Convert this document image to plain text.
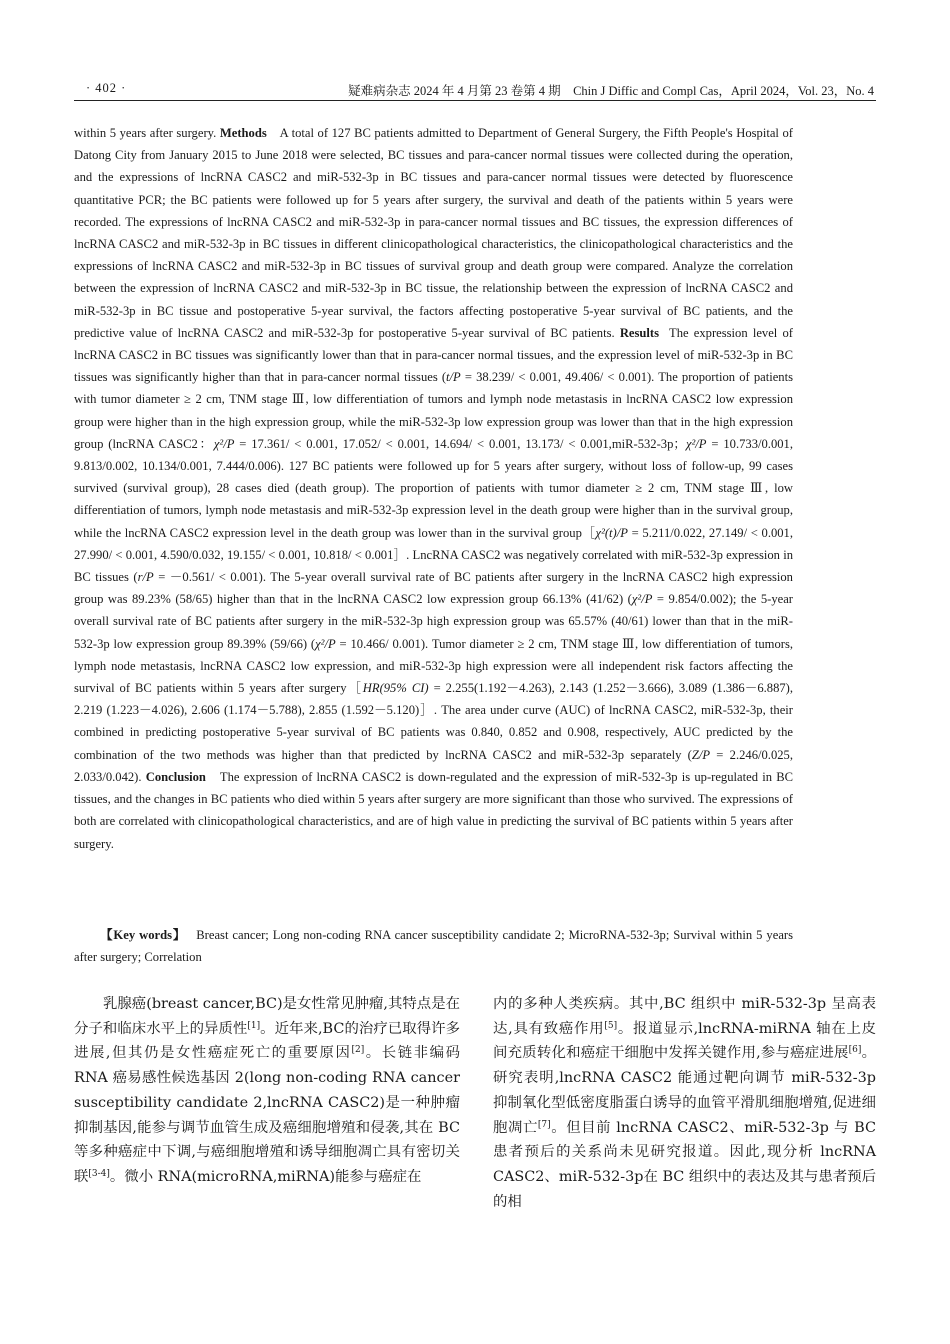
· 402 ·	疑难病杂志 2024 年 4 月第 23 卷第 4 期　Chin J Diffic and Compl Cas，April 2024，Vol. 23，No. 4
within 5 years after surgery. Methods A total of 127 BC patients admitted to Department of General Surgery, the Fifth People's Hospital of Datong City from January 2015 to June 2018 were selected, BC tissues and para-cancer normal tissues were collected during the operation, and the expressions of lncRNA CASC2 and miR-532-3p in BC tissues and para-cancer normal tissues were detected by fluorescence quantitative PCR; the BC patients were followed up for 5 years after surgery, the survival and death of the patients within 5 years were recorded. The expressions of lncRNA CASC2 and miR-532-3p in para-cancer normal tissues and BC tissues, the expression differences of lncRNA CASC2 and miR-532-3p in BC tissues in different clinicopathological characteristics, the clinicopathological characteristics and the expressions of lncRNA CASC2 and miR-532-3p in BC tissues of survival group and death group were compared. Analyze the correlation between the expression of lncRNA CASC2 and miR-532-3p in BC tissue, the relationship between the expression of lncRNA CASC2 and miR-532-3p in BC tissue and postoperative 5-year survival, the factors affecting postoperative 5-year survival of BC patients, and the predictive value of lncRNA CASC2 and miR-532-3p for postoperative 5-year survival of BC patients. Results The expression level of lncRNA CASC2 in BC tissues was significantly lower than that in para-cancer normal tissues, and the expression level of miR-532-3p in BC tissues was significantly higher than that in para-cancer normal tissues (t/P = 38.239/ < 0.001, 49.406/ < 0.001). The proportion of patients with tumor diameter ≥ 2 cm, TNM stage Ⅲ, low differentiation of tumors and lymph node metastasis in lncRNA CASC2 low expression group were higher than in the high expression group, while the miR-532-3p low expression group was lower than that in the high expression group (lncRNA CASC2：χ²/P = 17.361/ < 0.001, 17.052/ < 0.001, 14.694/ < 0.001, 13.173/ < 0.001,miR-532-3p；χ²/P = 10.733/0.001, 9.813/0.002, 10.134/0.001, 7.444/0.006). 127 BC patients were followed up for 5 years after surgery, without loss of follow-up, 99 cases survived (survival group), 28 cases died (death group). The proportion of patients with tumor diameter ≥ 2 cm, TNM stage Ⅲ, low differentiation of tumors, lymph node metastasis and miR-532-3p expression level in the death group were higher than in the survival group, while the lncRNA CASC2 expression level in the death group was lower than in the survival group［χ²(t)/P = 5.211/0.022, 27.149/ < 0.001, 27.990/ < 0.001, 4.590/0.032, 19.155/ < 0.001, 10.818/ < 0.001］. LncRNA CASC2 was negatively correlated with miR-532-3p expression in BC tissues (r/P = －0.561/ < 0.001). The 5-year overall survival rate of BC patients after surgery in the lncRNA CASC2 high expression group was 89.23% (58/65) higher than that in the lncRNA CASC2 low expression group 66.13% (41/62) (χ²/P = 9.854/0.002); the 5-year overall survival rate of BC patients after surgery in the miR-532-3p high expression group was 65.57% (40/61) lower than that in the miR-532-3p low expression group 89.39% (59/66) (χ²/P = 10.466/ 0.001). Tumor diameter ≥ 2 cm, TNM stage Ⅲ, low differentiation of tumors, lymph node metastasis, lncRNA CASC2 low expression, and miR-532-3p high expression were all independent risk factors affecting the survival of BC patients within 5 years after surgery［HR(95% CI) = 2.255(1.192－4.263), 2.143 (1.252－3.666), 3.089 (1.386－6.887), 2.219 (1.223－4.026), 2.606 (1.174－5.788), 2.855 (1.592－5.120)］. The area under curve (AUC) of lncRNA CASC2, miR-532-3p, their combined in predicting postoperative 5-year survival of BC patients was 0.840, 0.852 and 0.908, respectively, AUC predicted by the combination of the two methods was higher than that predicted by lncRNA CASC2 and miR-532-3p separately (Z/P = 2.246/0.025, 2.033/0.042). Conclusion The expression of lncRNA CASC2 is down-regulated and the expression of miR-532-3p is up-regulated in BC tissues, and the changes in BC patients who died within 5 years after surgery are more significant than those who survived. The expressions of both are correlated with clinicopathological characteristics, and are of high value in predicting the survival of BC patients within 5 years after surgery.
【Key words】 Breast cancer; Long non-coding RNA cancer susceptibility candidate 2; MicroRNA-532-3p; Survival within 5 years after surgery; Correlation
乳腺癌(breast cancer,BC)是女性常见肿瘤,其特点是在分子和临床水平上的异质性[1]。近年来,BC的治疗已取得许多进展,但其仍是女性癌症死亡的重要原因[2]。长链非编码 RNA 癌易感性候选基因 2(long non-coding RNA cancer susceptibility candidate 2,lncRNA CASC2)是一种肿瘤抑制基因,能参与调节血管生成及癌细胞增殖和侵袭,其在 BC 等多种癌症中下调,与癌细胞增殖和诱导细胞凋亡具有密切关联[3-4]。微小 RNA(microRNA,miRNA)能参与癌症在
内的多种人类疾病。其中,BC 组织中 miR-532-3p 呈高表达,具有致癌作用[5]。报道显示,lncRNA-miRNA 轴在上皮间充质转化和癌症干细胞中发挥关键作用,参与癌症进展[6]。研究表明,lncRNA CASC2 能通过靶向调节 miR-532-3p 抑制氧化型低密度脂蛋白诱导的血管平滑肌细胞增殖,促进细胞凋亡[7]。但目前 lncRNA CASC2、miR-532-3p 与 BC 患者预后的关系尚未见研究报道。因此,现分析 lncRNA CASC2、miR-532-3p在 BC 组织中的表达及其与患者预后的相
